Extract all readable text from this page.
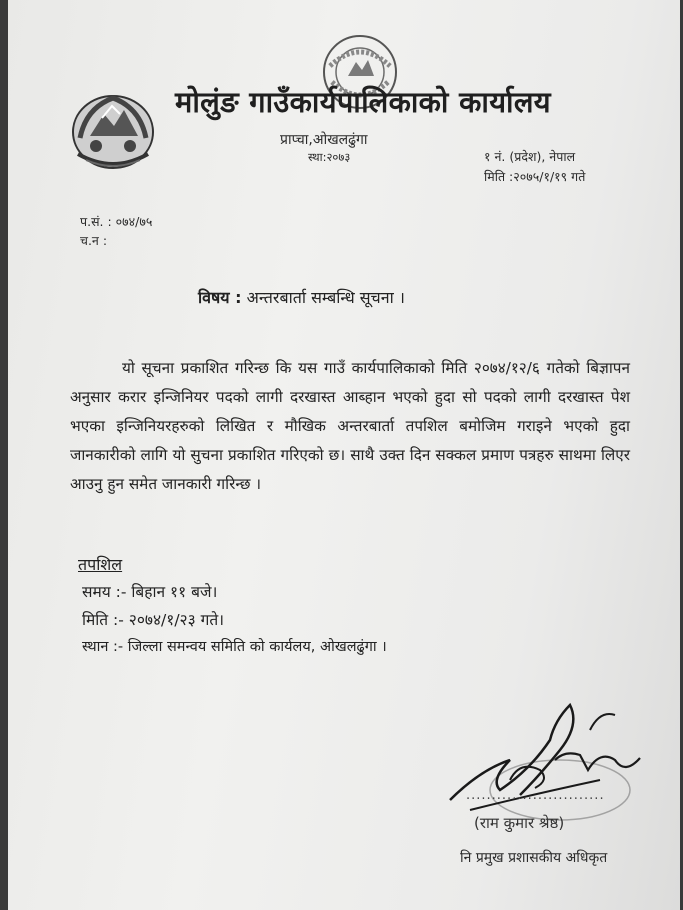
मोलुंङ गाउँकार्यपालिकाको कार्यालय
प्राप्चा,ओखलढुंगा
स्था:२०७३	१ नं. (प्रदेश), नेपाल
मिति :२०७५/१/१९ गते
प.सं. : ०७४/७५
च.न :
विषय : अन्तरबार्ता सम्बन्धि सूचना ।
यो सूचना प्रकाशित गरिन्छ कि यस गाउँ कार्यपालिकाको मिति २०७४/१२/६ गतेको बिज्ञापन अनुसार करार इन्जिनियर पदको लागी दरखास्त आब्हान भएको हुदा सो पदको लागी दरखास्त पेश भएका इन्जिनियरहरुको लिखित र मौखिक अन्तरबार्ता तपशिल बमोजिम गराइने भएको हुदा जानकारीको लागि यो सुचना प्रकाशित गरिएको छ। साथै उक्त दिन सक्कल प्रमाण पत्रहरु साथमा लिएर आउनु हुन समेत जानकारी गरिन्छ ।
तपशिल
समय :- बिहान ११ बजे।
मिति :- २०७४/१/२३ गते।
स्थान :- जिल्ला समन्वय समिति को कार्यलय, ओखलढुंगा ।
...........................
(राम कुमार श्रेष्ठ)
नि प्रमुख प्रशासकीय अधिकृत
